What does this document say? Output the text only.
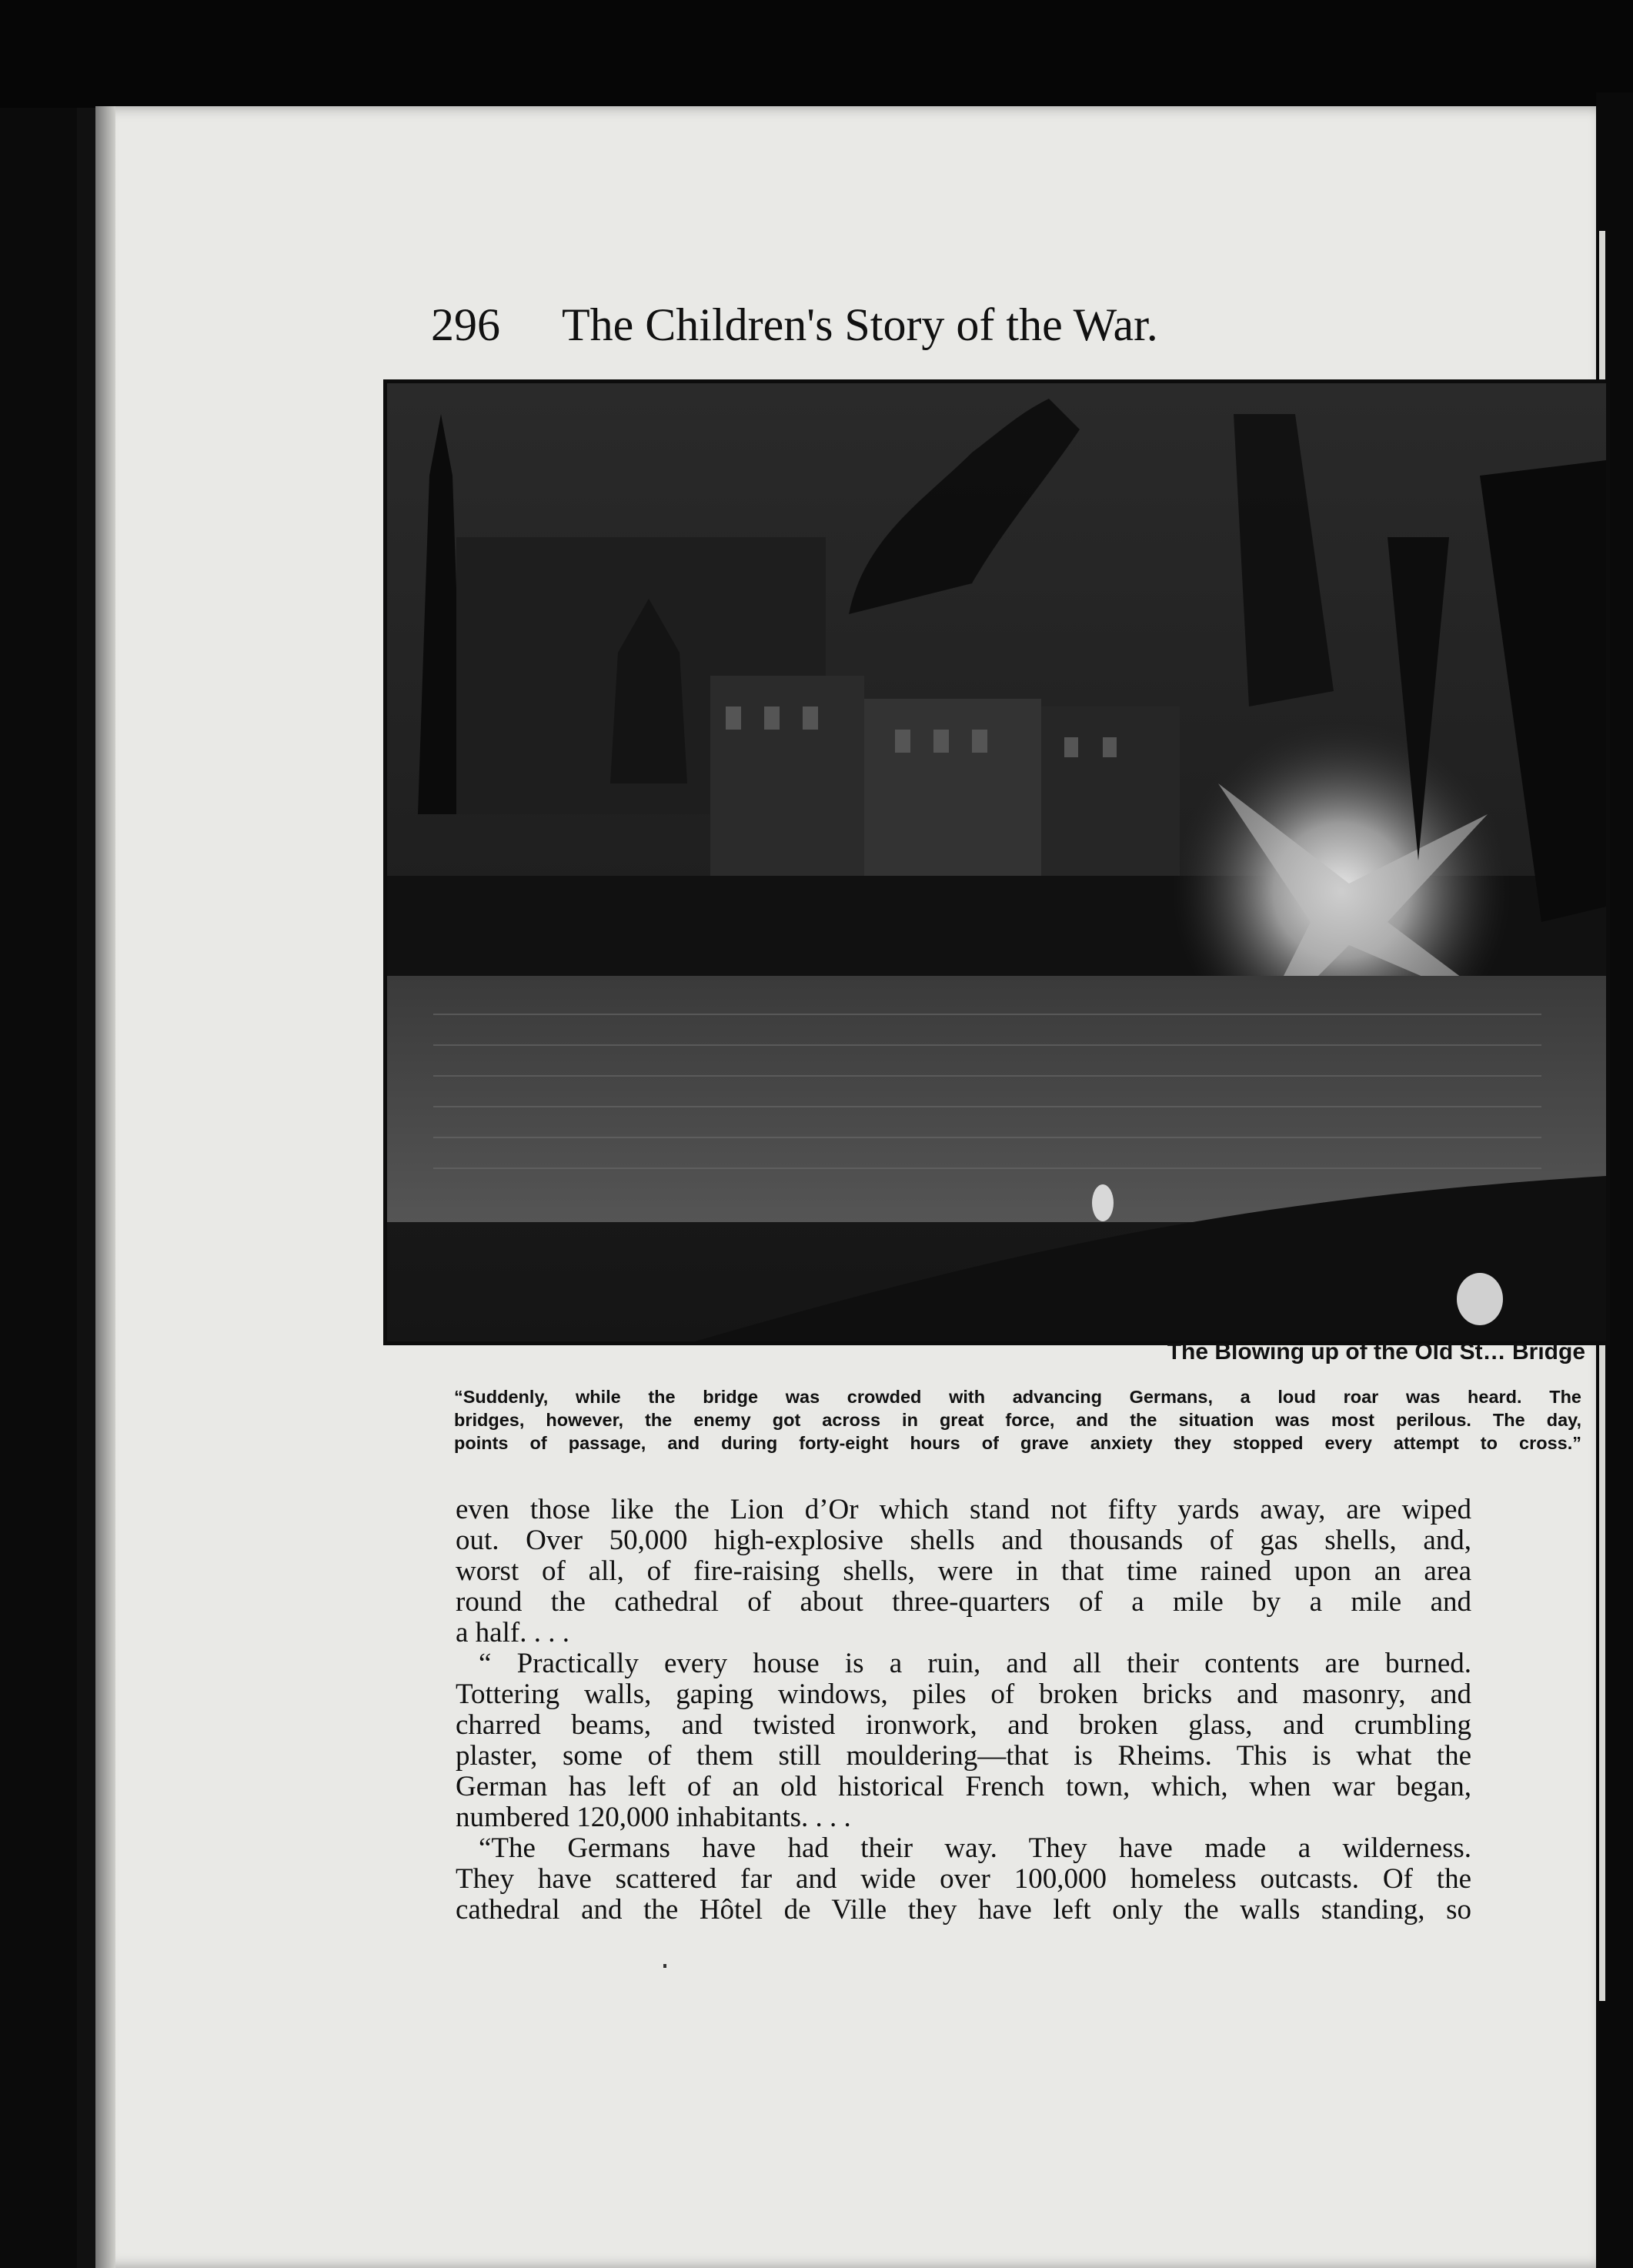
296 The Children's Story of the War.
The Blowing up of the Old St… Bridge
“Suddenly, while the bridge was crowded with advancing Germans, a loud roar was heard. The
bridges, however, the enemy got across in great force, and the situation was most perilous. The day,
points of passage, and during forty-eight hours of grave anxiety they stopped every attempt to cross.”
even those like the Lion d’Or which stand not fifty yards away, are wiped
out. Over 50,000 high-explosive shells and thousands of gas shells, and,
worst of all, of fire-raising shells, were in that time rained upon an area
round the cathedral of about three-quarters of a mile by a mile and
a half. . . .
“ Practically every house is a ruin, and all their contents are burned.
Tottering walls, gaping windows, piles of broken bricks and masonry, and
charred beams, and twisted ironwork, and broken glass, and crumbling
plaster, some of them still mouldering—that is Rheims. This is what the
German has left of an old historical French town, which, when war began,
numbered 120,000 inhabitants. . . .
“The Germans have had their way. They have made a wilderness.
They have scattered far and wide over 100,000 homeless outcasts. Of the
cathedral and the Hôtel de Ville they have left only the walls standing, so
